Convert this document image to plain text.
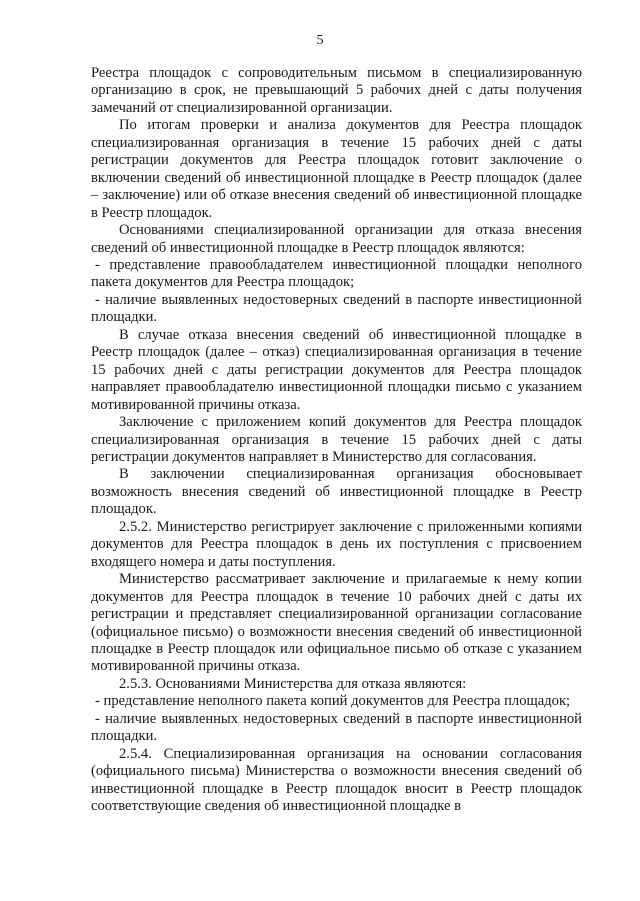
5

Реестра площадок с сопроводительным письмом в специализированную организацию в срок, не превышающий 5 рабочих дней с даты получения замечаний от специализированной организации.

По итогам проверки и анализа документов для Реестра площадок специализированная организация в течение 15 рабочих дней с даты регистрации документов для Реестра площадок готовит заключение о включении сведений об инвестиционной площадке в Реестр площадок (далее – заключение) или об отказе внесения сведений об инвестиционной площадке в Реестр площадок.

Основаниями специализированной организации для отказа внесения сведений об инвестиционной площадке в Реестр площадок являются:

- представление правообладателем инвестиционной площадки неполного пакета документов для Реестра площадок;

- наличие выявленных недостоверных сведений в паспорте инвестиционной площадки.

В случае отказа внесения сведений об инвестиционной площадке в Реестр площадок (далее – отказ) специализированная организация в течение 15 рабочих дней с даты регистрации документов для Реестра площадок направляет правообладателю инвестиционной площадки письмо с указанием мотивированной причины отказа.

Заключение с приложением копий документов для Реестра площадок специализированная организация в течение 15 рабочих дней с даты регистрации документов направляет в Министерство для согласования.

В заключении специализированная организация обосновывает возможность внесения сведений об инвестиционной площадке в Реестр площадок.

2.5.2. Министерство регистрирует заключение с приложенными копиями документов для Реестра площадок в день их поступления с присвоением входящего номера и даты поступления.

Министерство рассматривает заключение и прилагаемые к нему копии документов для Реестра площадок в течение 10 рабочих дней с даты их регистрации и представляет специализированной организации согласование (официальное письмо) о возможности внесения сведений об инвестиционной площадке в Реестр площадок или официальное письмо об отказе с указанием мотивированной причины отказа.

2.5.3. Основаниями Министерства для отказа являются:

- представление неполного пакета копий документов для Реестра площадок;

- наличие выявленных недостоверных сведений в паспорте инвестиционной площадки.

2.5.4. Специализированная организация на основании согласования (официального письма) Министерства о возможности внесения сведений об инвестиционной площадке в Реестр площадок вносит в Реестр площадок соответствующие сведения об инвестиционной площадке в
